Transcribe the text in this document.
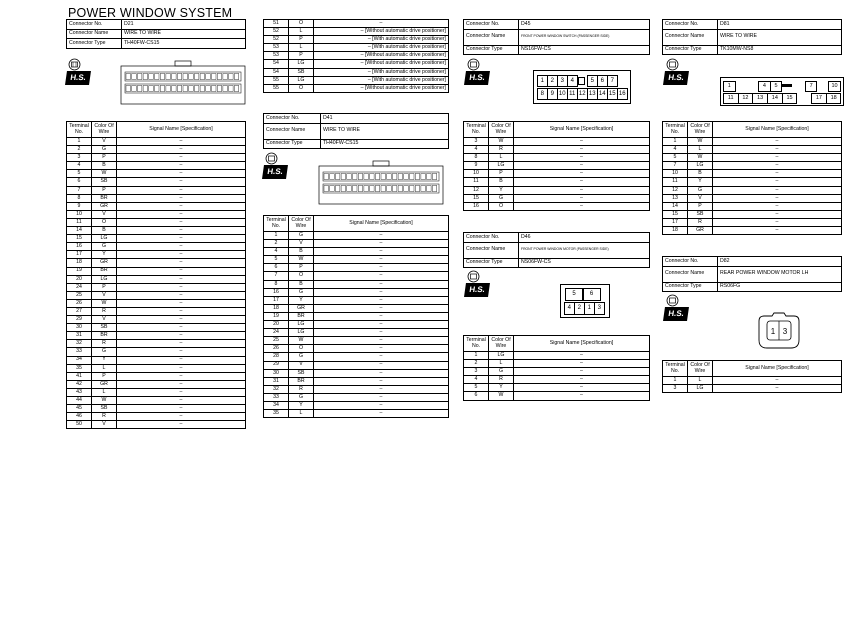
POWER WINDOW SYSTEM
Connector No.	D21
Connector Name	WIRE TO WIRE
Connector Type	TH40FW-CS15
H.S.
Terminal No.	Color Of Wire	Signal Name [Specification]
1	V	–
2	G	–
3	P	–
4	B	–
5	W	–
6	SB	–
7	P	–
8	BR	–
9	GR	–
10	V	–
11	O	–
14	B	–
15	LG	–
16	G	–
17	Y	–
18	GR	–
19	BR	–
20	LG	–
24	P	–
25	V	–
26	W	–
27	R	–
29	V	–
30	SB	–
31	BR	–
32	R	–
33	G	–
34	Y	–
35	L	–
41	P	–
42	GR	–
43	L	–
44	W	–
45	SB	–
46	R	–
50	V	–
51	O	–
52	L	– [Without automatic drive positioner]
52	P	– [With automatic drive positioner]
53	L	– [With automatic drive positioner]
53	P	– [Without automatic drive positioner]
54	LG	– [Without automatic drive positioner]
54	SB	– [With automatic drive positioner]
55	LG	– [With automatic drive positioner]
55	O	– [Without automatic drive positioner]
Connector No.	D41
Connector Name	WIRE TO WIRE
Connector Type	TH40FW-CS15
H.S.
Terminal No.	Color Of Wire	Signal Name [Specification]
1	G	–
2	V	–
4	B	–
5	W	–
6	P	–
7	O	–
8	B	–
16	G	–
17	Y	–
18	GR	–
19	BR	–
20	LG	–
24	LG	–
25	W	–
26	O	–
28	G	–
29	V	–
30	SB	–
31	BR	–
32	R	–
33	G	–
34	Y	–
35	L	–
Connector No.	D45
Connector Name	FRONT POWER WINDOW SWITCH (PASSENGER SIDE)
Connector Type	NS16FW-CS
H.S.	1	2	3	4	5	6	7
8	9 10 11 12 13 14 15 16
Terminal No.	Color Of Wire	Signal Name [Specification]
3	W	–
4	R	–
8	L	–
9	LG	–
10	P	–
11	B	–
12	Y	–
15	G	–
16	O	–
Connector No.	D46
Connector Name	FRONT POWER WINDOW MOTOR (PASSENGER SIDE)
Connector Type	NS06FW-CS
H.S.	5	6
4	2	1	3
Terminal No.	Color Of Wire	Signal Name [Specification]
1	LG	–
2	L	–
3	G	–
4	R	–
5	Y	–
6	W	–
Connector No.	D81
Connector Name	WIRE TO WIRE
Connector Type	TK10MW-NS8
H.S.
1	4	5	7	10
11	12	13	14	15	17	18
Terminal No.	Color Of Wire	Signal Name [Specification]
1	W	–
4	L	–
5	W	–
7	LG	–
10	B	–
11	Y	–
12	G	–
13	V	–
14	P	–
15	SB	–
17	R	–
18	GR	–
Connector No.	D82
Connector Name	REAR POWER WINDOW MOTOR LH
Connector Type	RS06FG
H.S.
1 3
Terminal No.	Color Of Wire	Signal Name [Specification]
1	L	–
3	LG	–
